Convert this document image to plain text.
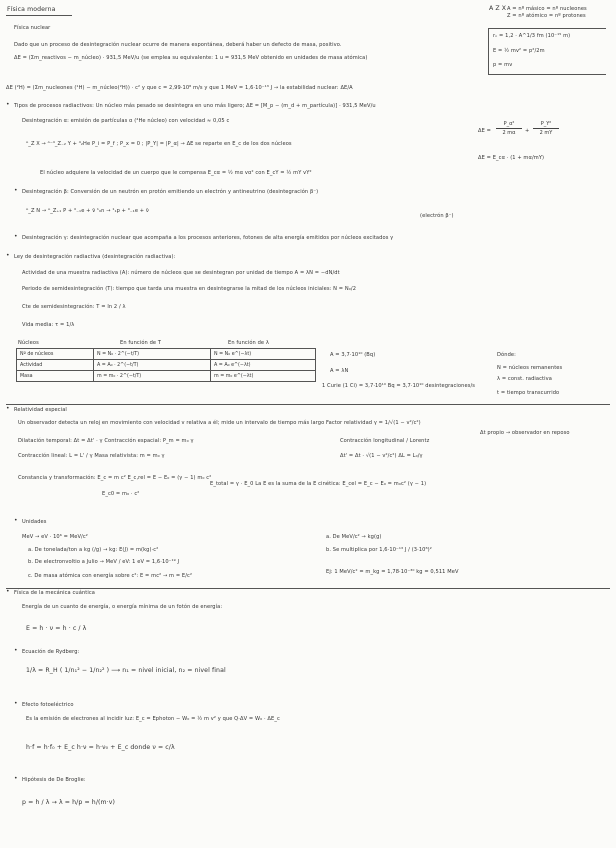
Física moderna	A Z X A = nº másico = nº nucleones
Z = nº atómico = nº protones
rₙ = 1,2 · A^1/3 fm (10⁻¹⁵ m)
E = ½ mv² = p²/2m
p = mv
Física nuclear
Dado que un proceso de desintegración nuclear ocurre de manera espontánea, deberá haber un defecto de masa, positivo.
ΔE = (Σm_reactivos − m_núcleo) · 931,5 MeV/u (se emplea su equivalente: 1 u = 931,5 MeV obtenido en unidades de masa atómica)
ΔE (²H) = (Σm_nucleones (¹H) − m_núcleo(²H)) · c² y que c = 2,99·10⁸ m/s y que 1 MeV = 1,6·10⁻¹³ J → la estabilidad nuclear: ΔE/A
• Tipos de procesos radiactivos: Un núcleo más pesado se desintegra en uno más ligero; ΔE = [M_p − (m_d + m_partícula)] · 931,5 MeV/u
Desintegración α: emisión de partículas α (⁴He núcleo) con velocidad ≈ 0,05 c
ᴬ_Z X → ᴬ⁻⁴_Z₋₂ Y + ⁴₂He P_i = P_f ; P_x = 0 ; |P_Y| = |P_α| → ΔE se reparte en E_c de los dos núcleos
ΔE =
P_α²
2 mα	+
P_Y²
2 mY
ΔE = E_cα · (1 + mα/mY)
El núcleo adquiere la velocidad de un cuerpo que le compensa E_cα = ½ mα vα² con E_cY = ½ mY vY²
• Desintegración β: Conversión de un neutrón en protón emitiendo un electrón y antineutrino (desintegración β⁻)
ᴬ_Z N → ᴬ_Z₊₁ P + ⁰₋₁e + ν̄ ¹₀n → ¹₁p + ⁰₋₁e + ν̄
(electrón β⁻)
• Desintegración γ: desintegración nuclear que acompaña a los procesos anteriores, fotones de alta energía emitidos por núcleos excitados γ
• Ley de desintegración radiactiva (desintegración radiactiva):
Actividad de una muestra radiactiva (A): número de núcleos que se desintegran por unidad de tiempo A = λN = −dN/dt
Periodo de semidesintegración (T): tiempo que tarda una muestra en desintegrarse la mitad de los núcleos iniciales: N = N₀/2
Cte de semidesintegración: T = ln 2 / λ
Vida media: τ = 1/λ
Núcleos	En función de T	En función de λ
Nº de núcleos	N = N₀ · 2^(−t/T)	N = N₀ e^(−λt)
Actividad	A = A₀ · 2^(−t/T)	A = A₀ e^(−λt)
Masa	m = m₀ · 2^(−t/T)	m = m₀ e^(−λt)
A = 3,7·10¹⁰ (Bq)
A = λN
1 Curie (1 Ci) = 3,7·10¹⁰ Bq = 3,7·10¹⁰ desintegraciones/s
Dónde:
N = núcleos remanentes
λ = const. radiactiva
t = tiempo transcurrido
• Relatividad especial
Un observador detecta un reloj en movimiento con velocidad v relativa a él; mide un intervalo de tiempo más largo Factor relatividad γ = 1/√(1 − v²/c²)
Δt propio → observador en reposo
Dilatación temporal: Δt = Δt' · γ Contracción espacial: P_m = m₀ γ	Contracción longitudinal / Lorentz
Contracción lineal: L = L' / γ Masa relativista: m = m₀ γ	Δt' = Δt · √(1 − v²/c²) ΔL = L₀/γ
Constancia y transformación: E_c = m c² E_c,rel = E − E₀ = (γ − 1) m₀ c²
E_total = γ · E_0 La E es la suma de la E cinética: E_cel = E_c − E₀ = m₀c² (γ − 1)
E_c0 = m₀ · c²
• Unidades
MeV → eV · 10⁶ = MeV/c²
a. De tonelada/ton a kg (/g) → kg: E(J) = m(kg)·c²
b. De electronvoltio a Julio → MeV / eV: 1 eV = 1,6·10⁻¹⁹ J
c. De masa atómica con energía sobre c²: E = mc² → m = E/c²
a. De MeV/c² → kg(g)
b. Se multiplica por 1,6·10⁻¹³ J / (3·10⁸)²
Ej: 1 MeV/c² = m_kg = 1,78·10⁻³⁰ kg = 0,511 MeV
• Física de la mecánica cuántica
Energía de un cuanto de energía, o energía mínima de un fotón de energía:
E = h · ν = h · c / λ
• Ecuación de Rydberg:
1/λ = R_H ( 1/n₁² − 1/n₂² ) ⟶ n₁ = nivel inicial, n₂ = nivel final
• Efecto fotoeléctrico
Es la emisión de electrones al incidir luz: E_c = Ephoton − W₀ = ½ m v² y que Q·ΔV = W₀ · ΔE_c
h·f = h·f₀ + E_c h·ν = h·ν₀ + E_c donde ν = c/λ
• Hipótesis de De Broglie:
p = h / λ → λ = h/p = h/(m·v)
